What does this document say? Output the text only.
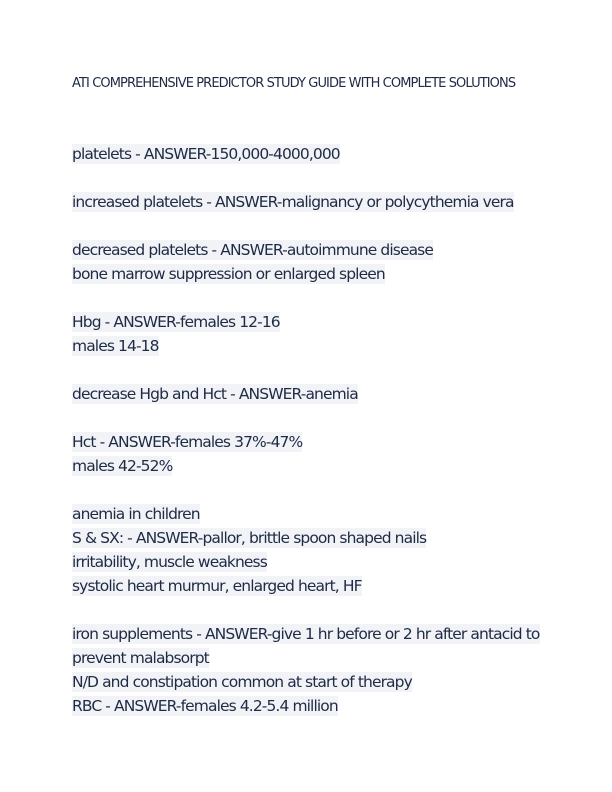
ATI COMPREHENSIVE PREDICTOR STUDY GUIDE WITH COMPLETE SOLUTIONS
platelets - ANSWER-150,000-4000,000
increased platelets - ANSWER-malignancy or polycythemia vera
decreased platelets - ANSWER-autoimmune disease
bone marrow suppression or enlarged spleen
Hbg - ANSWER-females 12-16
males 14-18
decrease Hgb and Hct - ANSWER-anemia
Hct - ANSWER-females 37%-47%
males 42-52%
anemia in children
S & SX: - ANSWER-pallor, brittle spoon shaped nails
irritability, muscle weakness
systolic heart murmur, enlarged heart, HF
iron supplements - ANSWER-give 1 hr before or 2 hr after antacid to
prevent malabsorpt
N/D and constipation common at start of therapy
RBC - ANSWER-females 4.2-5.4 million
